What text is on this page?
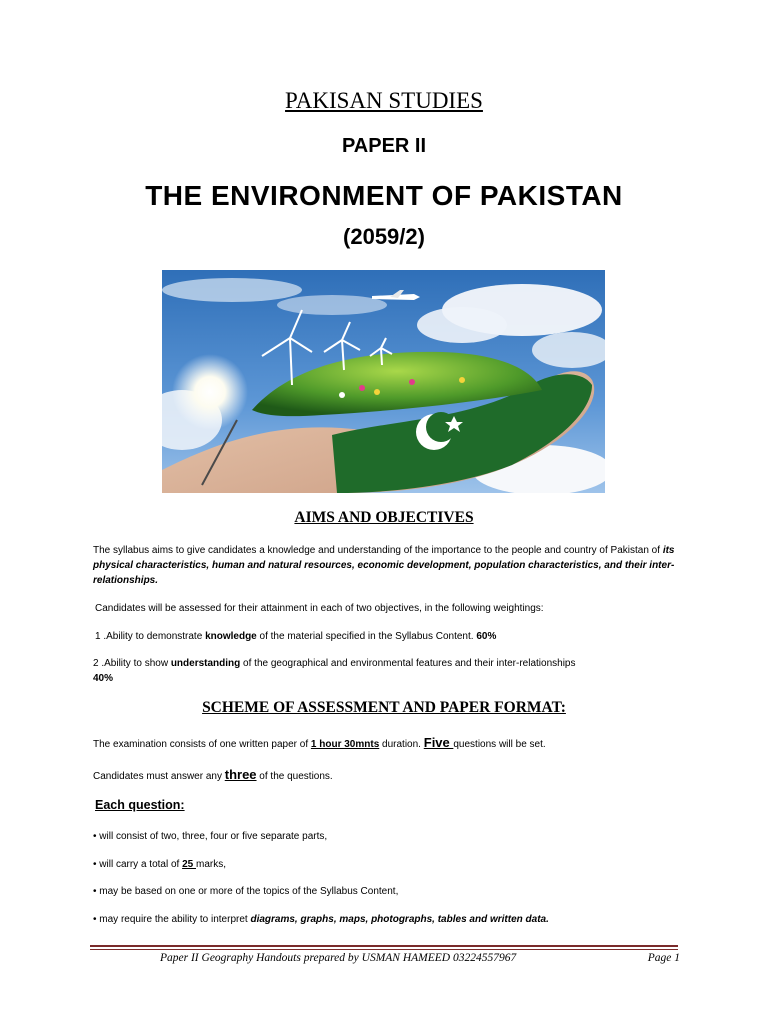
PAKISAN STUDIES
PAPER II
THE ENVIRONMENT OF PAKISTAN
(2059/2)
AIMS AND OBJECTIVES
The syllabus aims to give candidates a knowledge and understanding of the importance to the people and country of Pakistan of its physical characteristics, human and natural resources, economic development, population characteristics, and their inter-relationships.
Candidates will be assessed for their attainment in each of two objectives, in the following weightings:
1 .Ability to demonstrate knowledge of the material specified in the Syllabus Content. 60%
2 .Ability to show understanding of the geographical and environmental features and their inter-relationships
40%
SCHEME OF ASSESSMENT AND PAPER FORMAT:
The examination consists of one written paper of 1 hour 30mnts duration. Five questions will be set.
Candidates must answer any three of the questions.
Each question:
• will consist of two, three, four or five separate parts,
• will carry a total of 25 marks,
• may be based on one or more of the topics of the Syllabus Content,
• may require the ability to interpret diagrams, graphs, maps, photographs, tables and written data.
Paper II Geography Handouts prepared by USMAN HAMEED 03224557967	Page 1
